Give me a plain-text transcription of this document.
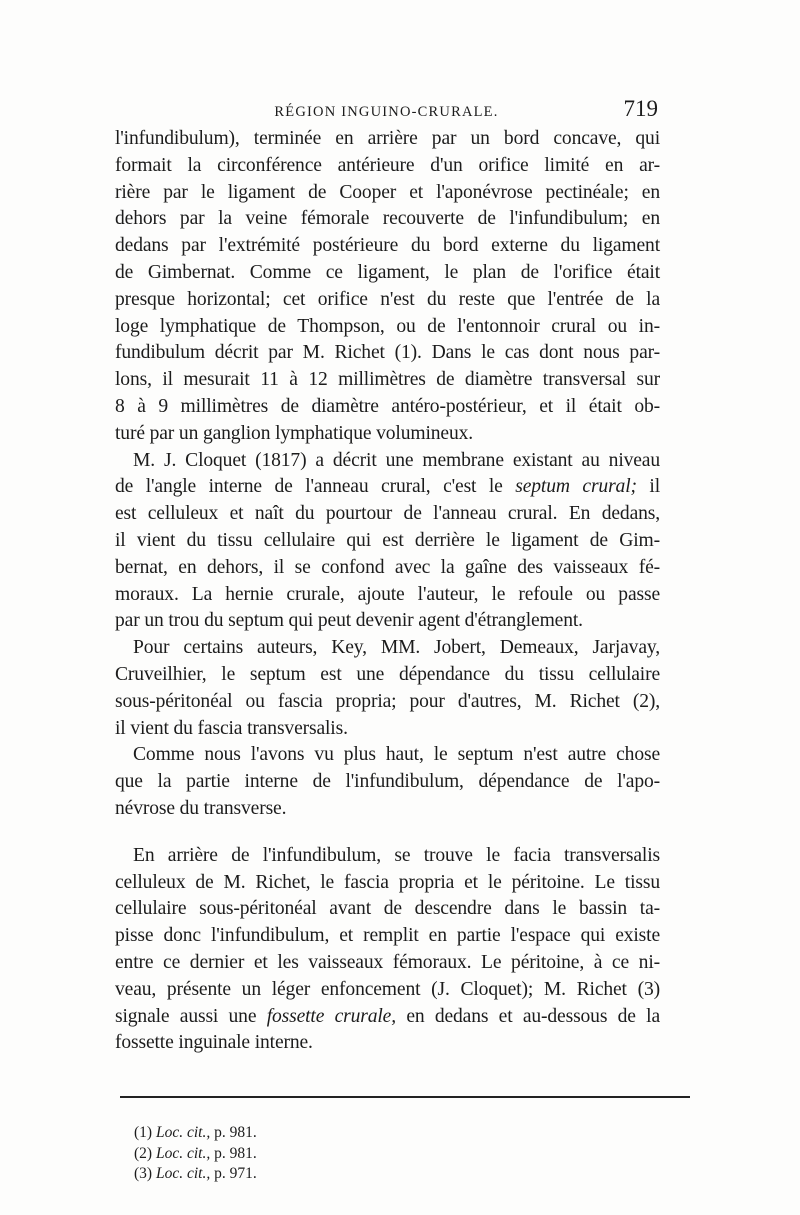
RÉGION INGUINO-CRURALE.	719
l'infundibulum), terminée en arrière par un bord concave, qui
formait la circonférence antérieure d'un orifice limité en ar-
rière par le ligament de Cooper et l'aponévrose pectinéale; en
dehors par la veine fémorale recouverte de l'infundibulum; en
dedans par l'extrémité postérieure du bord externe du ligament
de Gimbernat. Comme ce ligament, le plan de l'orifice était
presque horizontal; cet orifice n'est du reste que l'entrée de la
loge lymphatique de Thompson, ou de l'entonnoir crural ou in-
fundibulum décrit par M. Richet (1). Dans le cas dont nous par-
lons, il mesurait 11 à 12 millimètres de diamètre transversal sur
8 à 9 millimètres de diamètre antéro-postérieur, et il était ob-
turé par un ganglion lymphatique volumineux.
M. J. Cloquet (1817) a décrit une membrane existant au niveau
de l'angle interne de l'anneau crural, c'est le septum crural; il
est celluleux et naît du pourtour de l'anneau crural. En dedans,
il vient du tissu cellulaire qui est derrière le ligament de Gim-
bernat, en dehors, il se confond avec la gaîne des vaisseaux fé-
moraux. La hernie crurale, ajoute l'auteur, le refoule ou passe
par un trou du septum qui peut devenir agent d'étranglement.
Pour certains auteurs, Key, MM. Jobert, Demeaux, Jarjavay,
Cruveilhier, le septum est une dépendance du tissu cellulaire
sous-péritonéal ou fascia propria; pour d'autres, M. Richet (2),
il vient du fascia transversalis.
Comme nous l'avons vu plus haut, le septum n'est autre chose
que la partie interne de l'infundibulum, dépendance de l'apo-
névrose du transverse.
En arrière de l'infundibulum, se trouve le facia transversalis
celluleux de M. Richet, le fascia propria et le péritoine. Le tissu
cellulaire sous-péritonéal avant de descendre dans le bassin ta-
pisse donc l'infundibulum, et remplit en partie l'espace qui existe
entre ce dernier et les vaisseaux fémoraux. Le péritoine, à ce ni-
veau, présente un léger enfoncement (J. Cloquet); M. Richet (3)
signale aussi une fossette crurale, en dedans et au-dessous de la
fossette inguinale interne.
(1) Loc. cit., p. 981.
(2) Loc. cit., p. 981.
(3) Loc. cit., p. 971.
